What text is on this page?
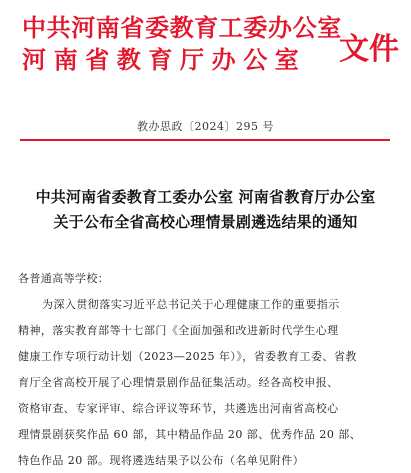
中共河南省委教育工委办公室
河南省教育厅办公室 文件
教办思政〔2024〕295 号
中共河南省委教育工委办公室 河南省教育厅办公室
关于公布全省高校心理情景剧遴选结果的通知
各普通高等学校：
为深入贯彻落实习近平总书记关于心理健康工作的重要指示
精神，落实教育部等十七部门《全面加强和改进新时代学生心理
健康工作专项行动计划（2023—2025 年）》，省委教育工委、省教
育厅全省高校开展了心理情景剧作品征集活动。经各高校申报、
资格审查、专家评审、综合评议等环节，共遴选出河南省高校心
理情景剧获奖作品 60 部，其中精品作品 20 部、优秀作品 20 部、
特色作品 20 部。现将遴选结果予以公布（名单见附件）
